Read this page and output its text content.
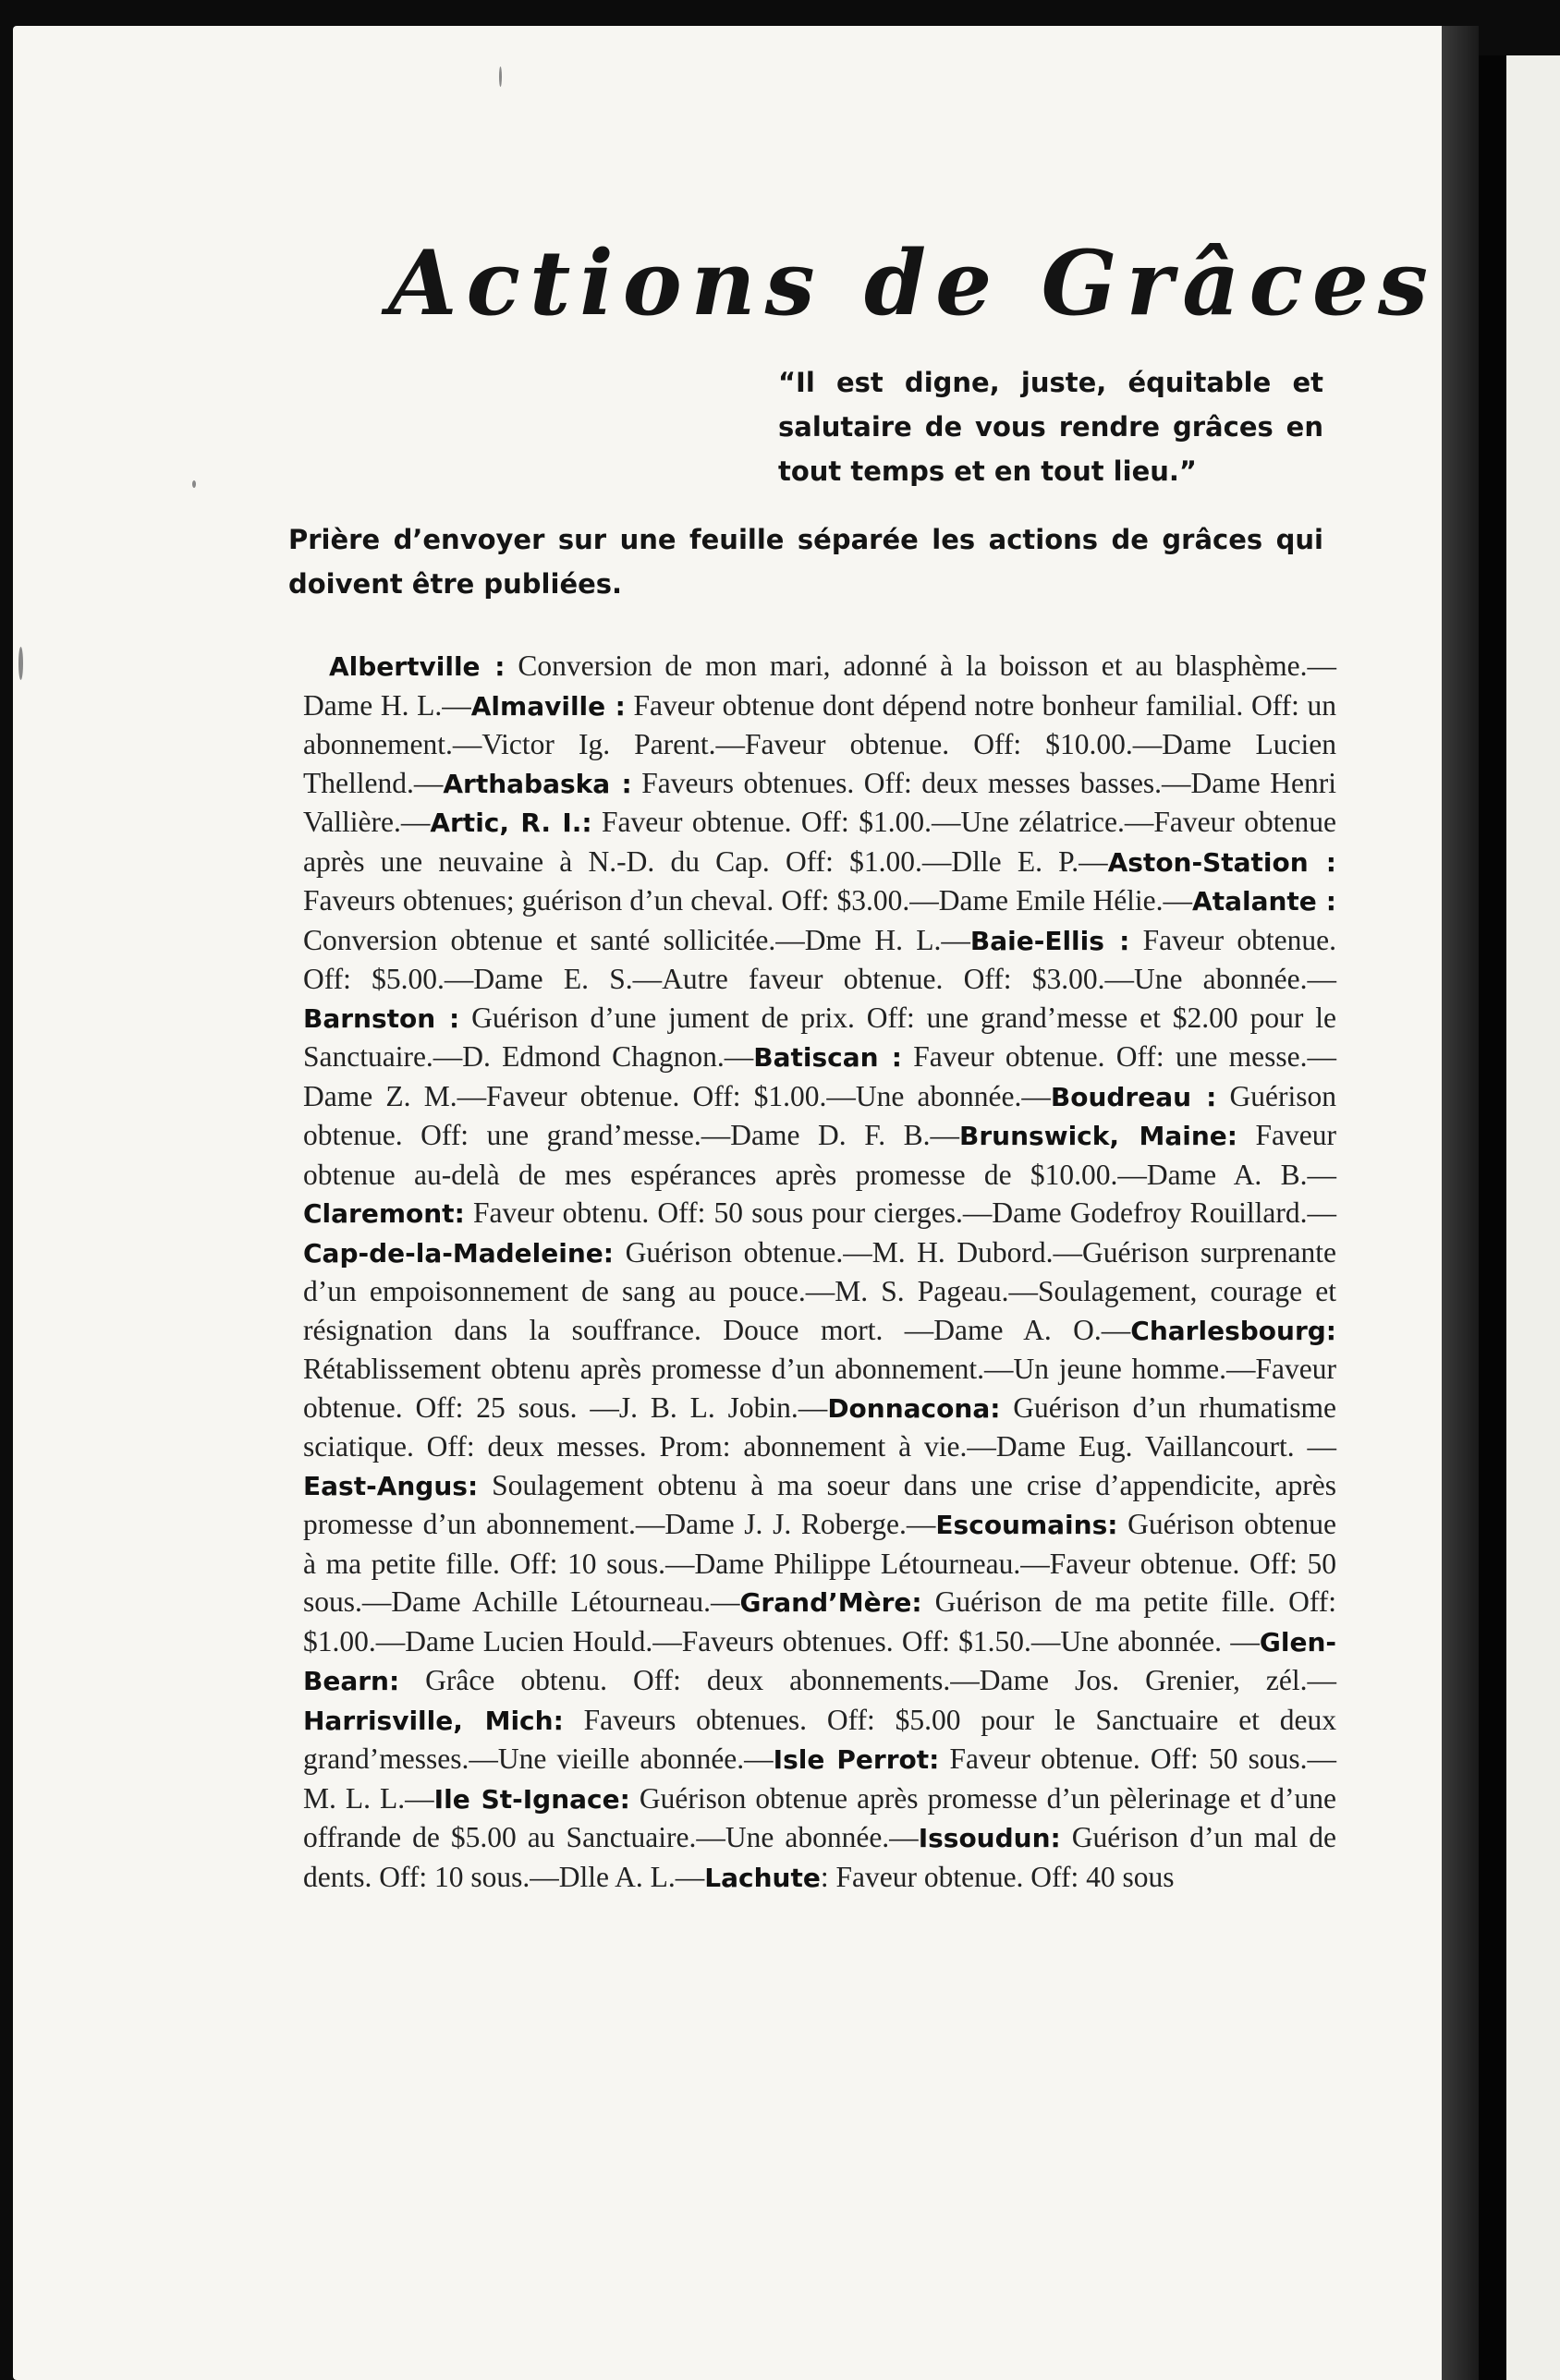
Actions de Grâces
“Il est digne, juste, équitable et salutaire de vous rendre grâces en tout temps et en tout lieu.”
Prière d’envoyer sur une feuille séparée les actions de grâces qui doivent être publiées.
Albertville : Conversion de mon mari, adonné à la boisson et au blasphème.—Dame H. L.—Almaville : Faveur obtenue dont dépend notre bonheur familial. Off: un abonnement.—Victor Ig. Parent.—Faveur obtenue. Off: $10.00.—Dame Lucien Thellend.—Arthabaska : Faveurs obtenues. Off: deux messes basses.—Dame Henri Vallière.—Artic, R. I.: Faveur obtenue. Off: $1.00.—Une zélatrice.—Faveur obtenue après une neuvaine à N.-D. du Cap. Off: $1.00.—Dlle E. P.—Aston-Station : Faveurs obtenues; guérison d’un cheval. Off: $3.00.—Dame Emile Hélie.—Atalante : Conversion obtenue et santé sollicitée.—Dme H. L.—Baie-Ellis : Faveur obtenue. Off: $5.00.—Dame E. S.—Autre faveur obtenue. Off: $3.00.—Une abonnée.—Barnston : Guérison d’une jument de prix. Off: une grand’messe et $2.00 pour le Sanctuaire.—D. Edmond Chagnon.—Batiscan : Faveur obtenue. Off: une messe.—Dame Z. M.—Faveur obtenue. Off: $1.00.—Une abonnée.—Boudreau : Guérison obtenue. Off: une grand’messe.—Dame D. F. B.—Brunswick, Maine: Faveur obtenue au-delà de mes espérances après promesse de $10.00.—Dame A. B.—Claremont: Faveur obtenu. Off: 50 sous pour cierges.—Dame Godefroy Rouillard.—Cap-de-la-Madeleine: Guérison obtenue.—M. H. Dubord.—Guérison surprenante d’un empoisonnement de sang au pouce.—M. S. Pageau.—Soulagement, courage et résignation dans la souffrance. Douce mort. —Dame A. O.—Charlesbourg: Rétablissement obtenu après promesse d’un abonnement.—Un jeune homme.—Faveur obtenue. Off: 25 sous. —J. B. L. Jobin.—Donnacona: Guérison d’un rhumatisme sciatique. Off: deux messes. Prom: abonnement à vie.—Dame Eug. Vaillancourt. —East-Angus: Soulagement obtenu à ma soeur dans une crise d’appendicite, après promesse d’un abonnement.—Dame J. J. Roberge.—Escoumains: Guérison obtenue à ma petite fille. Off: 10 sous.—Dame Philippe Létourneau.—Faveur obtenue. Off: 50 sous.—Dame Achille Létourneau.—Grand’Mère: Guérison de ma petite fille. Off: $1.00.—Dame Lucien Hould.—Faveurs obtenues. Off: $1.50.—Une abonnée. —Glen-Bearn: Grâce obtenu. Off: deux abonnements.—Dame Jos. Grenier, zél.—Harrisville, Mich: Faveurs obtenues. Off: $5.00 pour le Sanctuaire et deux grand’messes.—Une vieille abonnée.—Isle Perrot: Faveur obtenue. Off: 50 sous.—M. L. L.—Ile St-Ignace: Guérison obtenue après promesse d’un pèlerinage et d’une offrande de $5.00 au Sanctuaire.—Une abonnée.—Issoudun: Guérison d’un mal de dents. Off: 10 sous.—Dlle A. L.—Lachute: Faveur obtenue. Off: 40 sous
